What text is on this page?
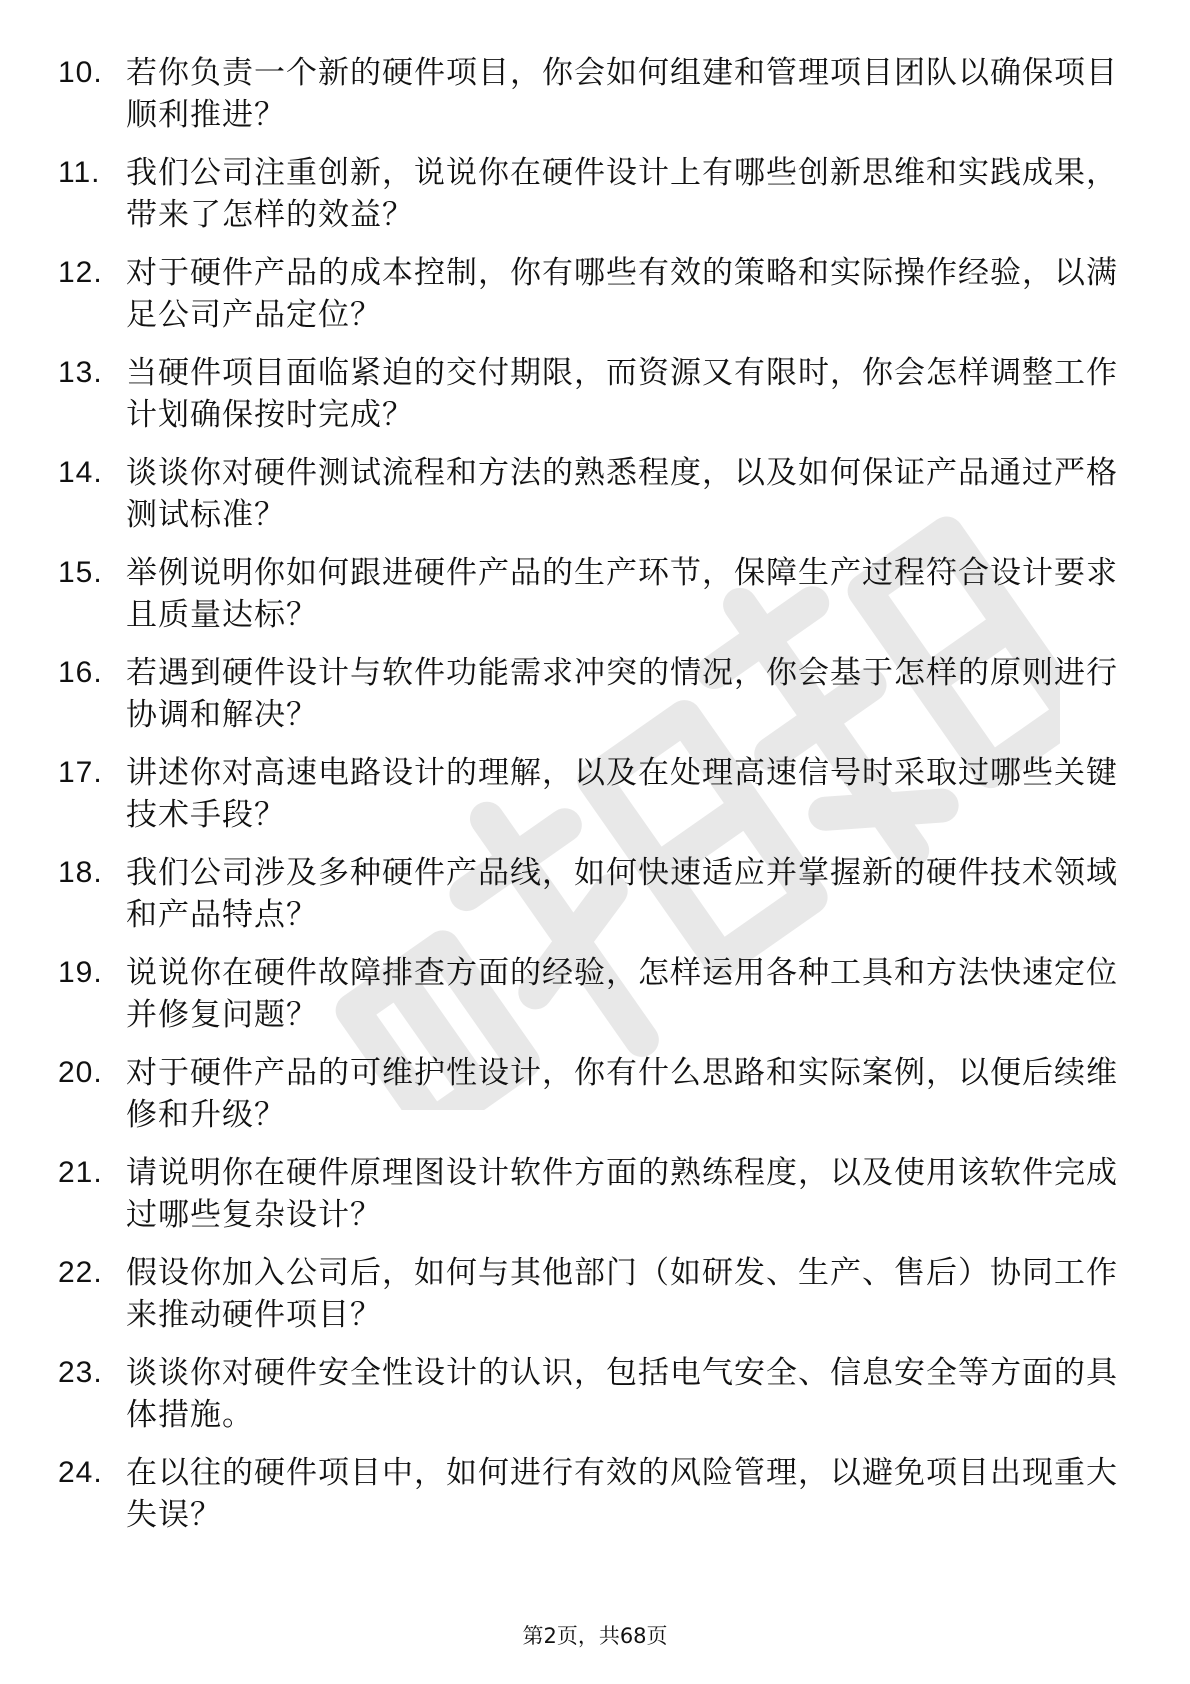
10. 若你负责一个新的硬件项目，你会如何组建和管理项目团队以确保项目顺利推进？
11. 我们公司注重创新，说说你在硬件设计上有哪些创新思维和实践成果，带来了怎样的效益？
12. 对于硬件产品的成本控制，你有哪些有效的策略和实际操作经验，以满足公司产品定位？
13. 当硬件项目面临紧迫的交付期限，而资源又有限时，你会怎样调整工作计划确保按时完成？
14. 谈谈你对硬件测试流程和方法的熟悉程度，以及如何保证产品通过严格测试标准？
15. 举例说明你如何跟进硬件产品的生产环节，保障生产过程符合设计要求且质量达标？
16. 若遇到硬件设计与软件功能需求冲突的情况，你会基于怎样的原则进行协调和解决？
17. 讲述你对高速电路设计的理解，以及在处理高速信号时采取过哪些关键技术手段？
18. 我们公司涉及多种硬件产品线，如何快速适应并掌握新的硬件技术领域和产品特点？
19. 说说你在硬件故障排查方面的经验，怎样运用各种工具和方法快速定位并修复问题？
20. 对于硬件产品的可维护性设计，你有什么思路和实际案例，以便后续维修和升级？
21. 请说明你在硬件原理图设计软件方面的熟练程度，以及使用该软件完成过哪些复杂设计？
22. 假设你加入公司后，如何与其他部门（如研发、生产、售后）协同工作来推动硬件项目？
23. 谈谈你对硬件安全性设计的认识，包括电气安全、信息安全等方面的具体措施。
24. 在以往的硬件项目中，如何进行有效的风险管理，以避免项目出现重大失误？
第2页，共68页
